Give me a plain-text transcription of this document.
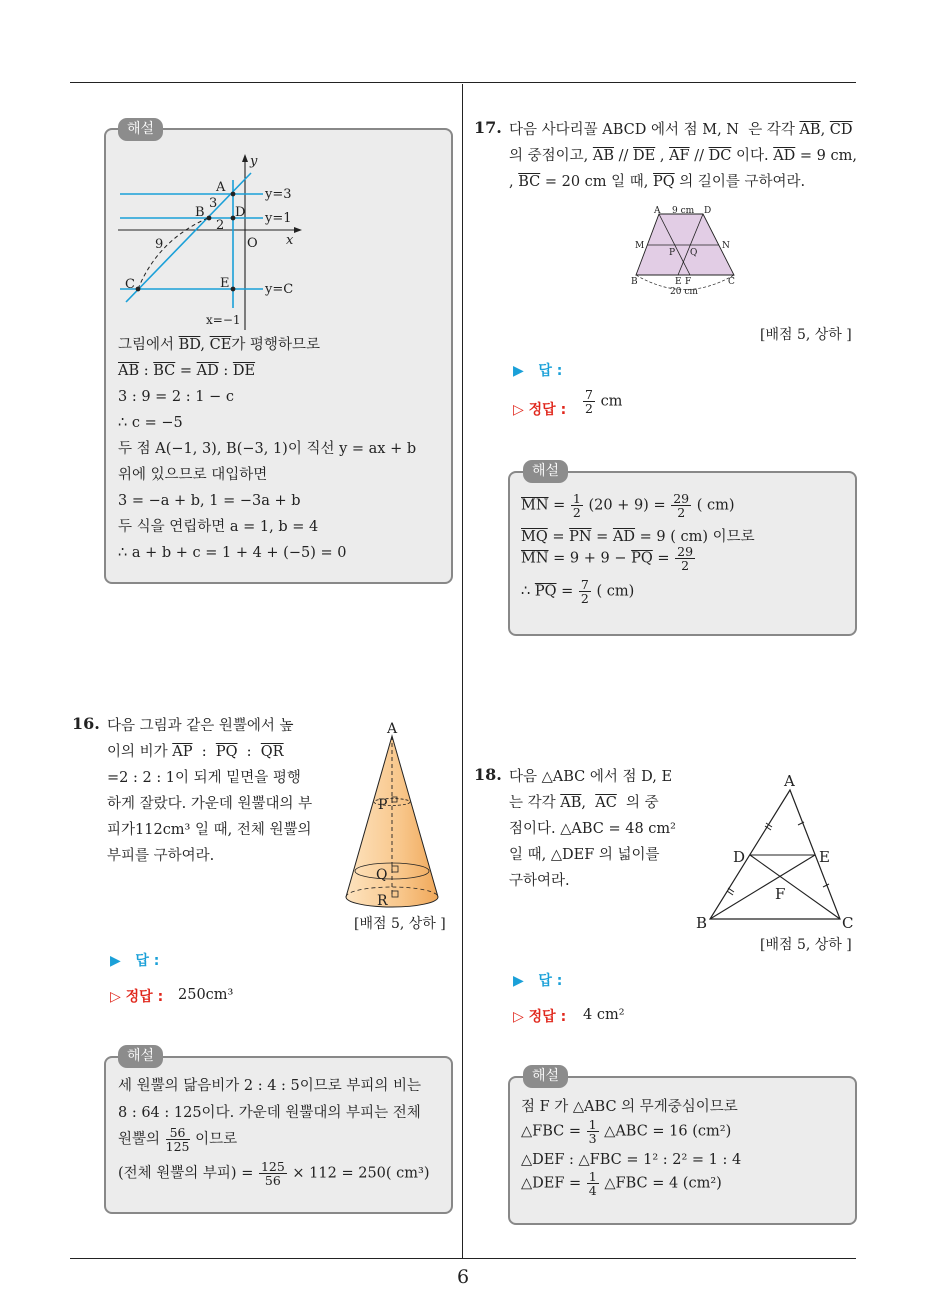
해설
y
x
O
A
B
C
D
E
3
2
9
y=3
y=1
y=C
x=−1
그림에서 $\overline{BD}$, $\overline{CE}$가 평행하므로
$\overline{AB}$ : $\overline{BC} = \overline{AD}$ : $\overline{DE}$
3 : 9 = 2 : 1 − c
∴ c = −5
두 점 A(−1, 3), B(−3, 1)이 직선 y = ax + b
위에 있으므로 대입하면
3 = −a + b, 1 = −3a + b
두 식을 연립하면 a = 1, b = 4
∴ a + b + c = 1 + 4 + (−5) = 0
16. 다음 그림과 같은 원뿔에서 높
이의 비가 $\overline{AP}$  :  $\overline{PQ}$  :  $\overline{QR}$
=2 : 2 : 1이 되게 밑면을 평행
하게 잘랐다. 가운데 원뿔대의 부
피가112cm³ 일 때, 전체 원뿔의
부피를 구하여라.
A
P
Q
R
[배점 5, 상하 ]
▶ 답 :
▷ 정답 : 250cm³
해설
세 원뿔의 닮음비가 2 : 4 : 5이므로 부피의 비는
8 : 64 : 125이다. 가운데 원뿔대의 부피는 전체
원뿔의 $\frac{56}{125}$ 이므로
(전체 원뿔의 부피) = $\frac{125}{56} \times 112 = 250$( cm³)
17. 다음 사다리꼴 ABCD 에서 점 M, N  은 각각 $\overline{AB}$, $\overline{CD}$
의 중점이고, $\overline{AB} // \overline{DE}$ , $\overline{AF} // \overline{DC}$ 이다. $\overline{AD} = 9$ cm,
, $\overline{BC} = 20$ cm 일 때, $\overline{PQ}$ 의 길이를 구하여라.
A 9 cm D
M	N
P Q
B	E F	C
20 cm
[배점 5, 상하 ]
▶ 답 :
▷ 정답 : $\frac{7}{2}$ cm
해설
$\overline{MN} = \frac{1}{2} (20 + 9) = \frac{29}{2}$ ( cm)
$\overline{MQ} = \overline{PN} = \overline{AD} = 9$ ( cm) 이므로
$\overline{MN} = 9 + 9 - \overline{PQ} = \frac{29}{2}$
∴ $\overline{PQ} = \frac{7}{2}$ ( cm)
18. 다음 △ABC 에서 점 D, E
는 각각 $\overline{AB}$,  $\overline{AC}$  의 중
점이다. △ABC = 48 cm²
일 때, △DEF 의 넓이를
구하여라.
A
D	E
F
B	C
[배점 5, 상하 ]
▶ 답 :
▷ 정답 : 4 cm²
해설
점 F 가 △ABC 의 무게중심이므로
△FBC = $\frac{1}{3}$ △ABC = 16 (cm²)
△DEF : △FBC = 1² : 2² = 1 : 4
△DEF = $\frac{1}{4}$ △FBC = 4 (cm²)
6
